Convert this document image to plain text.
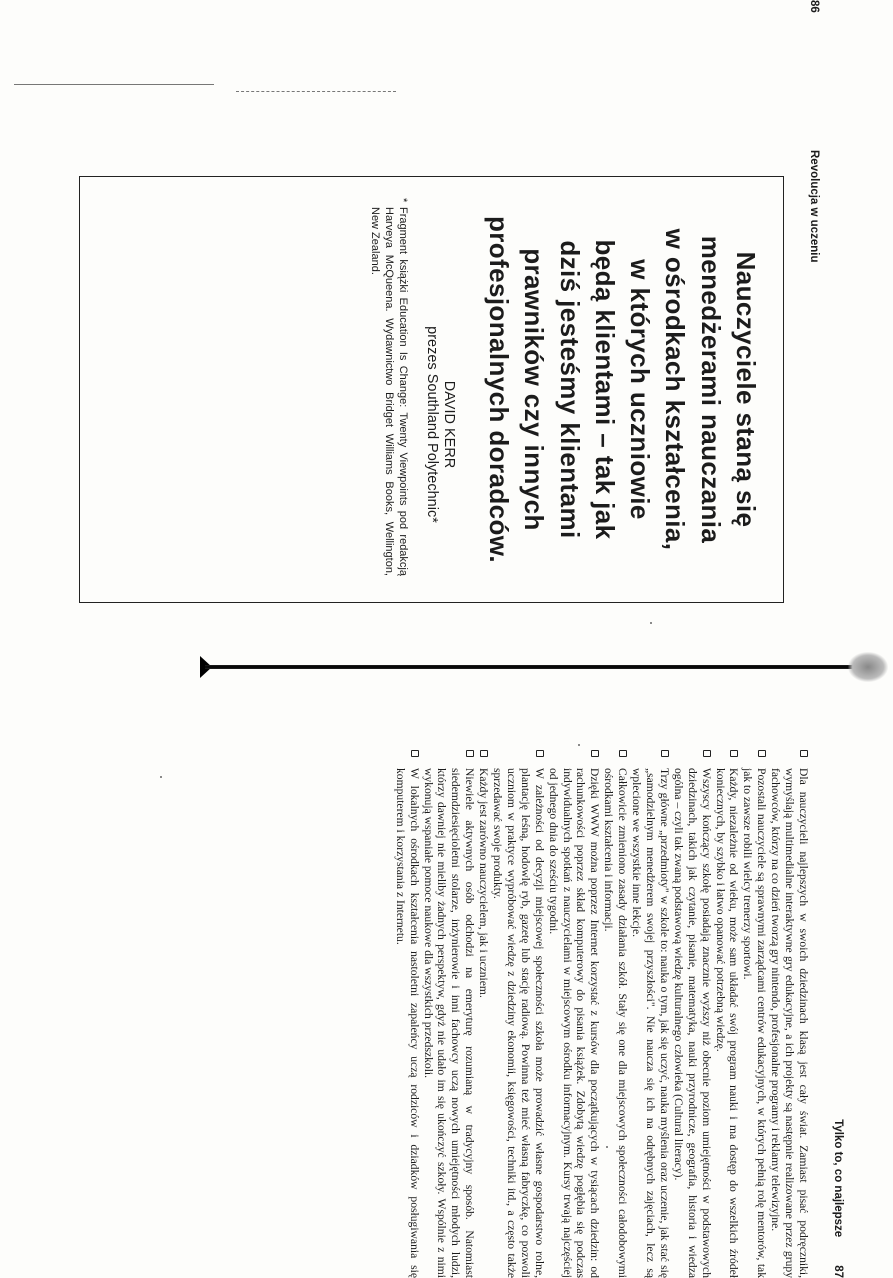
86
Revolucja w uczeniu
Nauczyciele staną się
menedżerami nauczania
w ośrodkach kształcenia,
w których uczniowie
będą klientami – tak jak
dziś jesteśmy klientami
prawników czy innych
profesjonalnych doradców.
DAVID KERR
prezes Southland Polytechnic*
*
Fragment książki Education Is Change: Twenty Viewpoints pod redakcją Harveya McQueena. Wydawnictwo Bridget Williams Books, Wellington, New Zealand.
Tylko to, co najlepsze
87

Dla nauczycieli najlepszych w swoich dziedzinach klasą jest cały świat. Zamiast pisać podręczniki, wymyślają multimedialne interaktywne gry edukacyjne, a ich projekty są następnie realizowane przez grupy fachowców, którzy na co dzień tworzą gry nintendo, profesjonalne programy i reklamy telewizyjne.

Pozostali nauczyciele są sprawnymi zarządcami centrów edukacyjnych, w których pełnią rolę mentorów, tak jak to zawsze robili wielcy trenerzy sportowi.

Każdy, niezależnie od wieku, może sam układać swój program nauki i ma dostęp do wszelkich źródeł koniecznych, by szybko i łatwo opanować potrzebną wiedzę.

Wszyscy kończący szkołę posiadają znacznie wyższy niż obecnie poziom umiejętności w podstawowych dziedzinach, takich jak czytanie, pisanie, matematyka, nauki przyrodnicze, geografia, historia i wiedza ogólna – czyli tak zwaną podstawową wiedzę kulturalnego człowieka (Cultural literacy).

Trzy główne „przedmioty" w szkole to: nauka o tym, jak się uczyć, nauka myślenia oraz uczenie, jak stać się „samodzielnym menedżerem swojej przyszłości". Nie naucza się ich na odrębnych zajęciach, lecz są wplecione we wszystkie inne lekcje.

Całkowicie zmieniono zasady działania szkół. Stały się one dla miejscowych społeczności całodobowymi ośrodkami kształcenia i informacji.

Dzięki WWW można poprzez Internet korzystać z kursów dla początkujących w tysiącach dziedzin: od rachunkowości poprzez skład komputerowy do pisania książek. Zdobytą wiedzę pogłębia się podczas indywidualnych spotkań z nauczycielami w miejscowym ośrodku informacyjnym. Kursy trwają najczęściej od jednego dnia do sześciu tygodni.

W zależności od decyzji miejscowej społeczności szkoła może prowadzić własne gospodarstwo rolne, plantację leśną, hodowlę ryb, gazetę lub stację radiową. Powinna też mieć własną fabryczkę, co pozwoli uczniom w praktyce wypróbować wiedzę z dziedziny ekonomii, księgowości, techniki itd., a często także sprzedawać swoje produkty.

Każdy jest zarówno nauczycielem, jak i uczniem.

Niewiele aktywnych osób odchodzi na emeryturę rozumianą w tradycyjny sposób. Natomiast siedemdziesięcioletni stolarze, inżynierowie i inni fachowcy uczą nowych umiejętności młodych ludzi, którzy dawniej nie mieliby żadnych perspektyw, gdyż nie udało im się ukończyć szkoły. Wspólnie z nimi wykonują wspaniałe pomoce naukowe dla wszystkich przedszkoli.

W lokalnych ośrodkach kształcenia nastoletni zapaleńcy uczą rodziców i dziadków posługiwania się komputerem i korzystania z Internetu.
